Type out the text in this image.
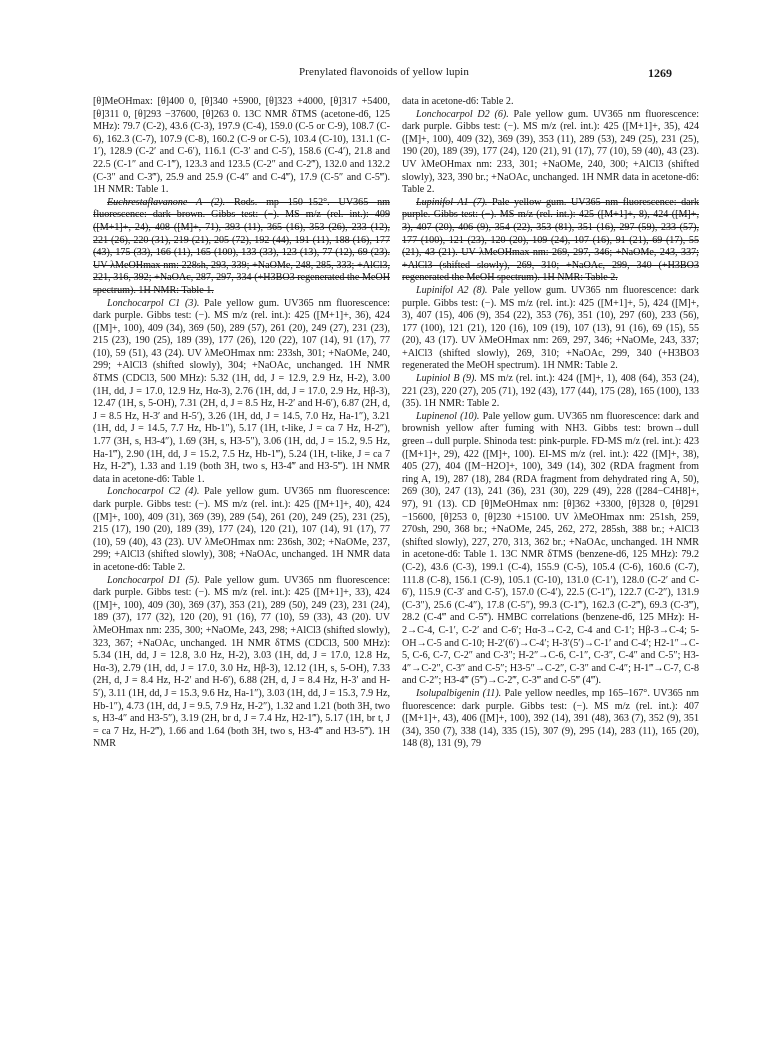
Prenylated flavonoids of yellow lupin	1269

[θ]MeOHmax: [θ]400 0, [θ]340 +5900, [θ]323 +4000, [θ]317 +5400, [θ]311 0, [θ]293 −37600, [θ]263 0. 13C NMR δTMS (acetone-d6, 125 MHz): 79.7 (C-2), 43.6 (C-3), 197.9 (C-4), 159.0 (C-5 or C-9), 108.7 (C-6), 162.3 (C-7), 107.9 (C-8), 160.2 (C-9 or C-5), 103.4 (C-10), 131.1 (C-1′), 128.9 (C-2′ and C-6′), 116.1 (C-3′ and C-5′), 158.6 (C-4′), 21.8 and 22.5 (C-1″ and C-1‴), 123.3 and 123.5 (C-2″ and C-2‴), 132.0 and 132.2 (C-3″ and C-3‴), 25.9 and 25.9 (C-4″ and C-4‴), 17.9 (C-5″ and C-5‴). 1H NMR: Table 1.

Euchrestaflavanone A (2). Rods. mp 150–152°. UV365 nm fluorescence: dark brown. Gibbs test: (−). MS m/z (rel. int.): 409 ([M+1]+, 24), 408 ([M]+, 71), 393 (11), 365 (16), 353 (26), 233 (12), 221 (26), 220 (31), 219 (21), 205 (72), 192 (44), 191 (11), 188 (16), 177 (43), 175 (33), 166 (11), 165 (100), 133 (33), 123 (13), 77 (12), 69 (23). UV λMeOHmax nm: 228sh, 293, 339; +NaOMe, 248, 285, 333; +AlCl3, 221, 316, 392; +NaOAc, 287, 297, 334 (+H3BO3 regenerated the MeOH spectrum). 1H NMR: Table 1.

Lonchocarpol C1 (3). Pale yellow gum. UV365 nm fluorescence: dark purple. Gibbs test: (−). MS m/z (rel. int.): 425 ([M+1]+, 36), 424 ([M]+, 100), 409 (34), 369 (50), 289 (57), 261 (20), 249 (27), 231 (23), 215 (23), 190 (25), 189 (39), 177 (26), 120 (22), 107 (14), 91 (17), 77 (10), 59 (51), 43 (24). UV λMeOHmax nm: 233sh, 301; +NaOMe, 240, 299; +AlCl3 (shifted slowly), 304; +NaOAc, unchanged. 1H NMR δTMS (CDCl3, 500 MHz): 5.32 (1H, dd, J = 12.9, 2.9 Hz, H-2), 3.00 (1H, dd, J = 17.0, 12.9 Hz, Hα-3), 2.76 (1H, dd, J = 17.0, 2.9 Hz, Hβ-3), 12.47 (1H, s, 5-OH), 7.31 (2H, d, J = 8.5 Hz, H-2′ and H-6′), 6.87 (2H, d, J = 8.5 Hz, H-3′ and H-5′), 3.26 (1H, dd, J = 14.5, 7.0 Hz, Ha-1″), 3.21 (1H, dd, J = 14.5, 7.7 Hz, Hb-1″), 5.17 (1H, t-like, J = ca 7 Hz, H-2″), 1.77 (3H, s, H3-4″), 1.69 (3H, s, H3-5″), 3.06 (1H, dd, J = 15.2, 9.5 Hz, Ha-1‴), 2.90 (1H, dd, J = 15.2, 7.5 Hz, Hb-1‴), 5.24 (1H, t-like, J = ca 7 Hz, H-2‴), 1.33 and 1.19 (both 3H, two s, H3-4‴ and H3-5‴). 1H NMR data in acetone-d6: Table 1.

Lonchocarpol C2 (4). Pale yellow gum. UV365 nm fluorescence: dark purple. Gibbs test: (−). MS m/z (rel. int.): 425 ([M+1]+, 40), 424 ([M]+, 100), 409 (31), 369 (39), 289 (54), 261 (20), 249 (25), 231 (25), 215 (17), 190 (20), 189 (39), 177 (24), 120 (21), 107 (14), 91 (17), 77 (10), 59 (40), 43 (23). UV λMeOHmax nm: 236sh, 302; +NaOMe, 237, 299; +AlCl3 (shifted slowly), 308; +NaOAc, unchanged. 1H NMR data in acetone-d6: Table 2.

Lonchocarpol D1 (5). Pale yellow gum. UV365 nm fluorescence: dark purple. Gibbs test: (−). MS m/z (rel. int.): 425 ([M+1]+, 33), 424 ([M]+, 100), 409 (30), 369 (37), 353 (21), 289 (50), 249 (23), 231 (24), 189 (37), 177 (32), 120 (20), 91 (16), 77 (10), 59 (33), 43 (20). UV λMeOHmax nm: 235, 300; +NaOMe, 243, 298; +AlCl3 (shifted slowly), 323, 367; +NaOAc, unchanged. 1H NMR δTMS (CDCl3, 500 MHz): 5.34 (1H, dd, J = 12.8, 3.0 Hz, H-2), 3.03 (1H, dd, J = 17.0, 12.8 Hz, Hα-3), 2.79 (1H, dd, J = 17.0, 3.0 Hz, Hβ-3), 12.12 (1H, s, 5-OH), 7.33 (2H, d, J = 8.4 Hz, H-2′ and H-6′), 6.88 (2H, d, J = 8.4 Hz, H-3′ and H-5′), 3.11 (1H, dd, J = 15.3, 9.6 Hz, Ha-1″), 3.03 (1H, dd, J = 15.3, 7.9 Hz, Hb-1″), 4.73 (1H, dd, J = 9.5, 7.9 Hz, H-2″), 1.32 and 1.21 (both 3H, two s, H3-4″ and H3-5″), 3.19 (2H, br d, J = 7.4 Hz, H2-1‴), 5.17 (1H, br t, J = ca 7 Hz, H-2‴), 1.66 and 1.64 (both 3H, two s, H3-4‴ and H3-5‴). 1H NMR

data in acetone-d6: Table 2.

Lonchocarpol D2 (6). Pale yellow gum. UV365 nm fluorescence: dark purple. Gibbs test: (−). MS m/z (rel. int.): 425 ([M+1]+, 35), 424 ([M]+, 100), 409 (32), 369 (39), 353 (11), 289 (53), 249 (25), 231 (25), 190 (20), 189 (39), 177 (24), 120 (21), 91 (17), 77 (10), 59 (40), 43 (23). UV λMeOHmax nm: 233, 301; +NaOMe, 240, 300; +AlCl3 (shifted slowly), 323, 390 br.; +NaOAc, unchanged. 1H NMR data in acetone-d6: Table 2.

Lupinifol A1 (7). Pale yellow gum. UV365 nm fluorescence: dark purple. Gibbs test: (−). MS m/z (rel. int.): 425 ([M+1]+, 8), 424 ([M]+, 3), 407 (20), 406 (9), 354 (22), 353 (81), 351 (16), 297 (59), 233 (57), 177 (100), 121 (23), 120 (20), 109 (24), 107 (16), 91 (21), 69 (17), 55 (21), 43 (21). UV λMeOHmax nm: 269, 297, 346; +NaOMe, 243, 337; +AlCl3 (shifted slowly), 269, 310; +NaOAc, 299, 340 (+H3BO3 regenerated the MeOH spectrum). 1H NMR: Table 2.

Lupinifol A2 (8). Pale yellow gum. UV365 nm fluorescence: dark purple. Gibbs test: (−). MS m/z (rel. int.): 425 ([M+1]+, 5), 424 ([M]+, 3), 407 (15), 406 (9), 354 (22), 353 (76), 351 (10), 297 (60), 233 (56), 177 (100), 121 (21), 120 (16), 109 (19), 107 (13), 91 (16), 69 (15), 55 (20), 43 (17). UV λMeOHmax nm: 269, 297, 346; +NaOMe, 243, 337; +AlCl3 (shifted slowly), 269, 310; +NaOAc, 299, 340 (+H3BO3 regenerated the MeOH spectrum). 1H NMR: Table 2.

Lupiniol B (9). MS m/z (rel. int.): 424 ([M]+, 1), 408 (64), 353 (24), 221 (23), 220 (27), 205 (71), 192 (43), 177 (44), 175 (28), 165 (100), 133 (35). 1H NMR: Table 2.

Lupinenol (10). Pale yellow gum. UV365 nm fluorescence: dark and brownish yellow after fuming with NH3. Gibbs test: brown→dull green→dull purple. Shinoda test: pink-purple. FD-MS m/z (rel. int.): 423 ([M+1]+, 29), 422 ([M]+, 100). EI-MS m/z (rel. int.): 422 ([M]+, 38), 405 (27), 404 ([M−H2O]+, 100), 349 (14), 302 (RDA fragment from ring A, 19), 287 (18), 284 (RDA fragment from dehydrated ring A, 50), 269 (30), 247 (13), 241 (36), 231 (30), 229 (49), 228 ([284−C4H8]+, 97), 91 (13). CD [θ]MeOHmax nm: [θ]362 +3300, [θ]328 0, [θ]291 −15600, [θ]253 0, [θ]230 +15100. UV λMeOHmax nm: 251sh, 259, 270sh, 290, 368 br.; +NaOMe, 245, 262, 272, 285sh, 388 br.; +AlCl3 (shifted slowly), 227, 270, 313, 362 br.; +NaOAc, unchanged. 1H NMR in acetone-d6: Table 1. 13C NMR δTMS (benzene-d6, 125 MHz): 79.2 (C-2), 43.6 (C-3), 199.1 (C-4), 155.9 (C-5), 105.4 (C-6), 160.6 (C-7), 111.8 (C-8), 156.1 (C-9), 105.1 (C-10), 131.0 (C-1′), 128.0 (C-2′ and C-6′), 115.9 (C-3′ and C-5′), 157.0 (C-4′), 22.5 (C-1″), 122.7 (C-2″), 131.9 (C-3″), 25.6 (C-4″), 17.8 (C-5″), 99.3 (C-1‴), 162.3 (C-2‴), 69.3 (C-3‴), 28.2 (C-4‴ and C-5‴). HMBC correlations (benzene-d6, 125 MHz): H-2→C-4, C-1′, C-2′ and C-6′; Hα-3→C-2, C-4 and C-1′; Hβ-3→C-4; 5-OH→C-5 and C-10; H-2′(6′)→C-4′; H-3′(5′)→C-1′ and C-4′; H2-1″→C-5, C-6, C-7, C-2″ and C-3″; H-2″→C-6, C-1″, C-3″, C-4″ and C-5″; H3-4″→C-2″, C-3″ and C-5″; H3-5″→C-2″, C-3″ and C-4″; H-1‴→C-7, C-8 and C-2″; H3-4‴ (5‴)→C-2‴, C-3‴ and C-5‴ (4‴).

Isolupalbigenin (11). Pale yellow needles, mp 165–167°. UV365 nm fluorescence: dark purple. Gibbs test: (−). MS m/z (rel. int.): 407 ([M+1]+, 43), 406 ([M]+, 100), 392 (14), 391 (48), 363 (7), 352 (9), 351 (34), 350 (7), 338 (14), 335 (15), 307 (9), 295 (14), 283 (11), 165 (20), 148 (8), 131 (9), 79
